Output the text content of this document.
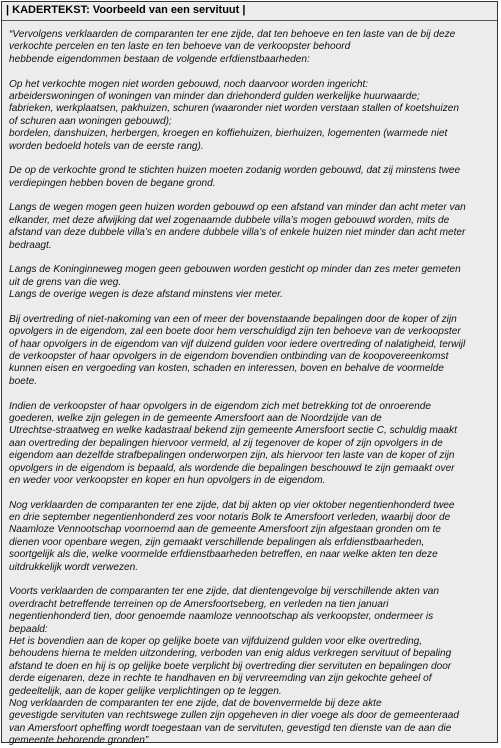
| KADERTEKST: Voorbeeld van een servituut |

“Vervolgens verklaarden de comparanten ter ene zijde, dat ten behoeve en ten laste van de bij deze
verkochte percelen en ten laste en ten behoeve van de verkoopster behoord
hebbende eigendommen bestaan de volgende erfdienstbaarheden:

Op het verkochte mogen niet worden gebouwd, noch daarvoor worden ingericht:
arbeiderswoningen of woningen van minder dan driehonderd gulden werkelijke huurwaarde;
fabrieken, werkplaatsen, pakhuizen, schuren (waaronder niet worden verstaan stallen of koetshuizen
of schuren aan woningen gebouwd);
bordelen, danshuizen, herbergen, kroegen en koffiehuizen, bierhuizen, logementen (warmede niet
worden bedoeld hotels van de eerste rang).

De op de verkochte grond te stichten huizen moeten zodanig worden gebouwd, dat zij minstens twee
verdiepingen hebben boven de begane grond.

Langs de wegen mogen geen huizen worden gebouwd op een afstand van minder dan acht meter van
elkander, met deze afwijking dat wel zogenaamde dubbele villa’s mogen gebouwd worden, mits de
afstand van deze dubbele villa’s en andere dubbele villa’s of enkele huizen niet minder dan acht meter
bedraagt.

Langs de Koninginneweg mogen geen gebouwen worden gesticht op minder dan zes meter gemeten
uit de grens van die weg.
Langs de overige wegen is deze afstand minstens vier meter.

Bij overtreding of niet-nakoming van een of meer der bovenstaande bepalingen door de koper of zijn
opvolgers in de eigendom, zal een boete door hem verschuldigd zijn ten behoeve van de verkoopster
of haar opvolgers in de eigendom van vijf duizend gulden voor iedere overtreding of nalatigheid, terwijl
de verkoopster of haar opvolgers in de eigendom bovendien ontbinding van de koopovereenkomst
kunnen eisen en vergoeding van kosten, schaden en interessen, boven en behalve de voormelde
boete.

Indien de verkoopster of haar opvolgers in de eigendom zich met betrekking tot de onroerende
goederen, welke zijn gelegen in de gemeente Amersfoort aan de Noordzijde van de
Utrechtse-straatweg en welke kadastraal bekend zijn gemeente Amersfoort sectie C, schuldig maakt
aan overtreding der bepalingen hiervoor vermeld, al zij tegenover de koper of zijn opvolgers in de
eigendom aan dezelfde strafbepalingen onderworpen zijn, als hiervoor ten laste van de koper of zijn
opvolgers in de eigendom is bepaald, als wordende die bepalingen beschouwd te zijn gemaakt over
en weder voor verkoopster en koper en hun opvolgers in de eigendom.

Nog verklaarden de comparanten ter ene zijde, dat bij akten op vier oktober negentienhonderd twee
en drie september negentienhonderd zes voor notaris Bolk te Amersfoort verleden, waarbij door de
Naamloze Vennootschap voornoemd aan de gemeente Amersfoort zijn afgestaan gronden om te
dienen voor openbare wegen, zijn gemaakt verschillende bepalingen als erfdienstbaarheden,
soortgelijk als die, welke voormelde erfdienstbaarheden betreffen, en naar welke akten ten deze
uitdrukkelijk wordt verwezen.

Voorts verklaarden de comparanten ter ene zijde, dat dientengevolge bij verschillende akten van
overdracht betreffende terreinen op de Amersfoortseberg, en verleden na tien januari
negentienhonderd tien, door genoemde naamloze vennootschap als verkoopster, ondermeer is
bepaald:
Het is bovendien aan de koper op gelijke boete van vijfduizend gulden voor elke overtreding,
behoudens hierna te melden uitzondering, verboden van enig aldus verkregen servituut of bepaling
afstand te doen en hij is op gelijke boete verplicht bij overtreding dier servituten en bepalingen door
derde eigenaren, deze in rechte te handhaven en bij vervreemding van zijn gekochte geheel of
gedeeltelijk, aan de koper gelijke verplichtingen op te leggen.
Nog verklaarden de comparanten ter ene zijde, dat de bovenvermelde bij deze akte
gevestigde servituten van rechtswege zullen zijn opgeheven in dier voege als door de gemeenteraad
van Amersfoort opheffing wordt toegestaan van de servituten, gevestigd ten dienste van de aan die
gemeente behorende gronden”
